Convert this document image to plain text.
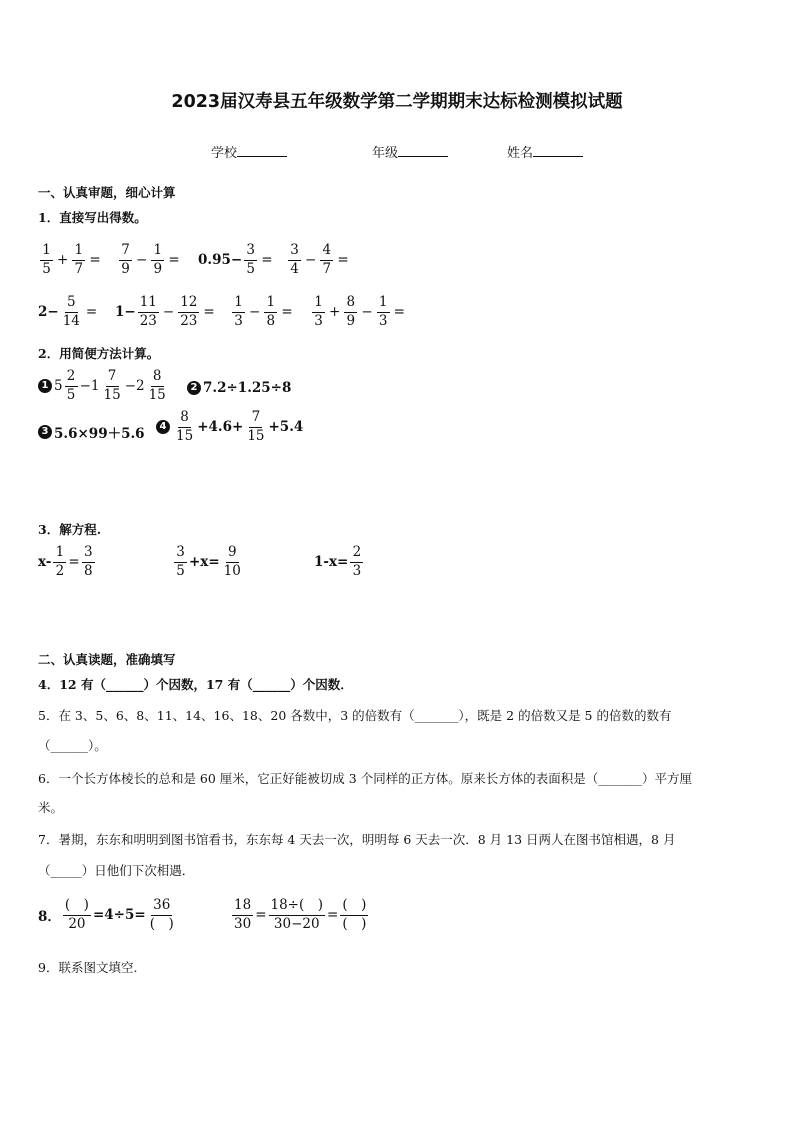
2023届汉寿县五年级数学第二学期期末达标检测模拟试题
学校	年级	姓名
一、认真审题，细心计算
1．直接写出得数。
$\frac{1}{5} + \frac{1}{7} = \frac{7}{9} - \frac{1}{9} = 0.95- \frac{3}{5} = \frac{3}{4} - \frac{4}{7}$ =
$2- \frac{5}{14} = 1- \frac{11}{23} - \frac{12}{23} = \frac{1}{3} - \frac{1}{8} = \frac{1}{3} + \frac{8}{9} - \frac{1}{3}$ =
2．用简便方法计算。
1 $5 \frac{2}{5} -1 \frac{7}{15} -2 \frac{8}{15}$	2 7.2÷1.25÷8
3 5.6×99＋5.6	$4 \frac{8}{15} +4.6+ \frac{7}{15} +5.4$
3．解方程.
$x- \frac{1}{2} = \frac{3}{8}$	$\frac{3}{5} +x= \frac{9}{10}$	$1-x= \frac{2}{3}$
二、认真读题，准确填写
4．12 有（______）个因数，17 有（______）个因数．
5．在 3、5、6、8、11、14、16、18、20 各数中，3 的倍数有（_______），既是 2 的倍数又是 5 的倍数的数有
（______）。
6．一个长方体棱长的总和是 60 厘米，它正好能被切成 3 个同样的正方体。原来长方体的表面积是（_______）平方厘
米。
7．暑期，东东和明明到图书馆看书，东东每 4 天去一次，明明每 6 天去一次．8 月 13 日两人在图书馆相遇，8 月
（_____）日他们下次相遇．
8．
(　)
20
=4÷5=
36
(　)	$\frac{18}{30} = \frac{18\div( )}{30-20}$ =
(　)
(　)
9．联系图文填空.
